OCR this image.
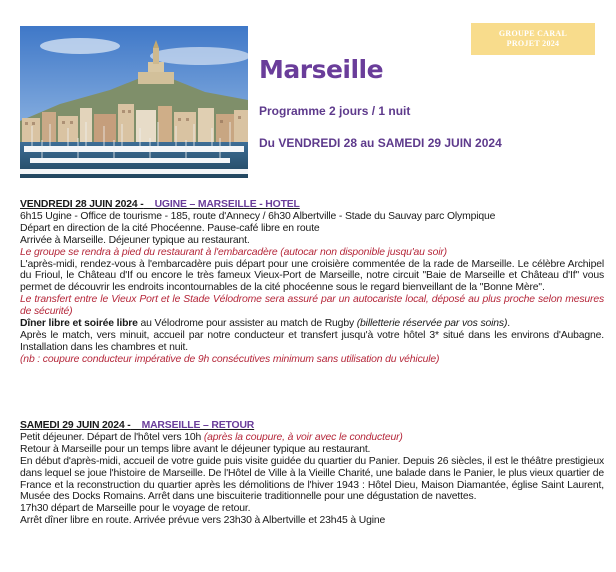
GROUPE CARAL
PROJET 2024
Marseille
Programme 2 jours / 1 nuit
Du VENDREDI 28 au SAMEDI 29 JUIN 2024
VENDREDI 28 JUIN 2024 - UGINE – MARSEILLE - HOTEL
6h15 Ugine - Office de tourisme - 185, route d'Annecy / 6h30 Albertville - Stade du Sauvay parc Olympique
Départ en direction de la cité Phocéenne. Pause-café libre en route
Arrivée à Marseille. Déjeuner typique au restaurant.
Le groupe se rendra à pied du restaurant à l'embarcadère (autocar non disponible jusqu'au soir)
L'après-midi, rendez-vous à l'embarcadère puis départ pour une croisière commentée de la rade de Marseille. Le célèbre Archipel du Frioul, le Château d'If ou encore le très fameux Vieux-Port de Marseille, notre circuit "Baie de Marseille et Château d'If" vous permet de découvrir les endroits incontournables de la cité phocéenne sous le regard bienveillant de la "Bonne Mère".
Le transfert entre le Vieux Port et le Stade Vélodrome sera assuré par un autocariste local, déposé au plus proche selon mesures de sécurité)
Dîner libre et soirée libre au Vélodrome pour assister au match de Rugby (billetterie réservée par vos soins).
Après le match, vers minuit, accueil par notre conducteur et transfert jusqu'à votre hôtel 3* situé dans les environs d'Aubagne. Installation dans les chambres et nuit.
(nb : coupure conducteur impérative de 9h consécutives minimum sans utilisation du véhicule)
SAMEDI 29 JUIN 2024 - MARSEILLE – RETOUR
Petit déjeuner. Départ de l'hôtel vers 10h (après la coupure, à voir avec le conducteur)
Retour à Marseille pour un temps libre avant le déjeuner typique au restaurant.
En début d'après-midi, accueil de votre guide puis visite guidée du quartier du Panier. Depuis 26 siècles, il est le théâtre prestigieux dans lequel se joue l'histoire de Marseille. De l'Hôtel de Ville à la Vieille Charité, une balade dans le Panier, le plus vieux quartier de France et la reconstruction du quartier après les démolitions de l'hiver 1943 : Hôtel Dieu, Maison Diamantée, église Saint Laurent, Musée des Docks Romains. Arrêt dans une biscuiterie traditionnelle pour une dégustation de navettes.
17h30 départ de Marseille pour le voyage de retour.
Arrêt dîner libre en route. Arrivée prévue vers 23h30 à Albertville et 23h45 à Ugine
